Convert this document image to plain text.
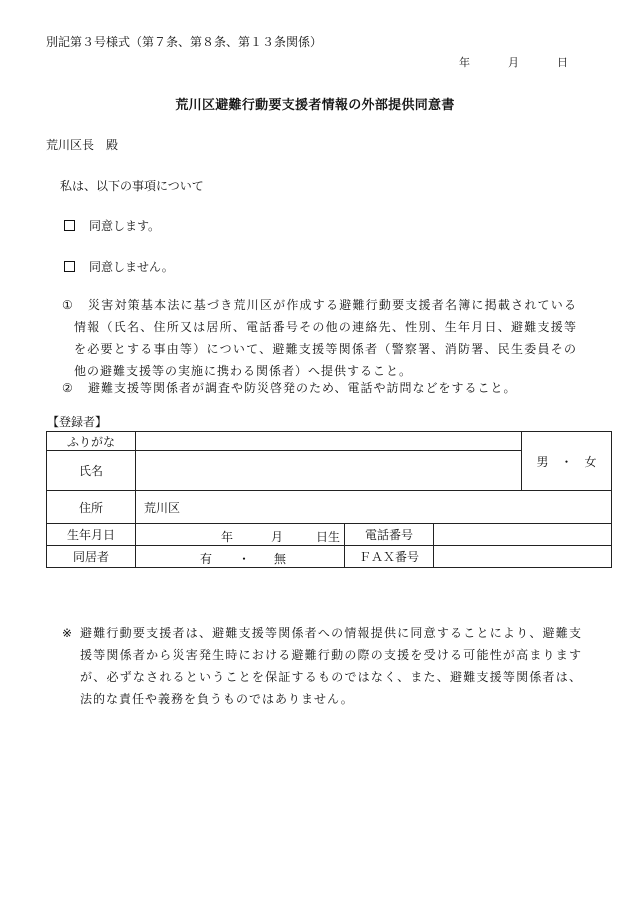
別記第３号様式（第７条、第８条、第１３条関係）
年	月	日
荒川区避難行動要支援者情報の外部提供同意書
荒川区長　殿
私は、以下の事項について
同意します。
同意しません。
①	災害対策基本法に基づき荒川区が作成する避難行動要支援者名簿に掲載されている情報（氏名、住所又は居所、電話番号その他の連絡先、性別、生年月日、避難支援等を必要とする事由等）について、避難支援等関係者（警察署、消防署、民生委員その他の避難支援等の実施に携わる関係者）へ提供すること。
②	避難支援等関係者が調査や防災啓発のため、電話や訪問などをすること。
【登録者】
ふりがな				男　・　女
氏名				
住所	荒川区			
生年月日	年 月 日生	電話番号		
同居者	有 ・ 無	ＦＡＸ番号		
※ 避難行動要支援者は、避難支援等関係者への情報提供に同意することにより、避難支援等関係者から災害発生時における避難行動の際の支援を受ける可能性が高まりますが、必ずなされるということを保証するものではなく、また、避難支援等関係者は、法的な責任や義務を負うものではありません。
